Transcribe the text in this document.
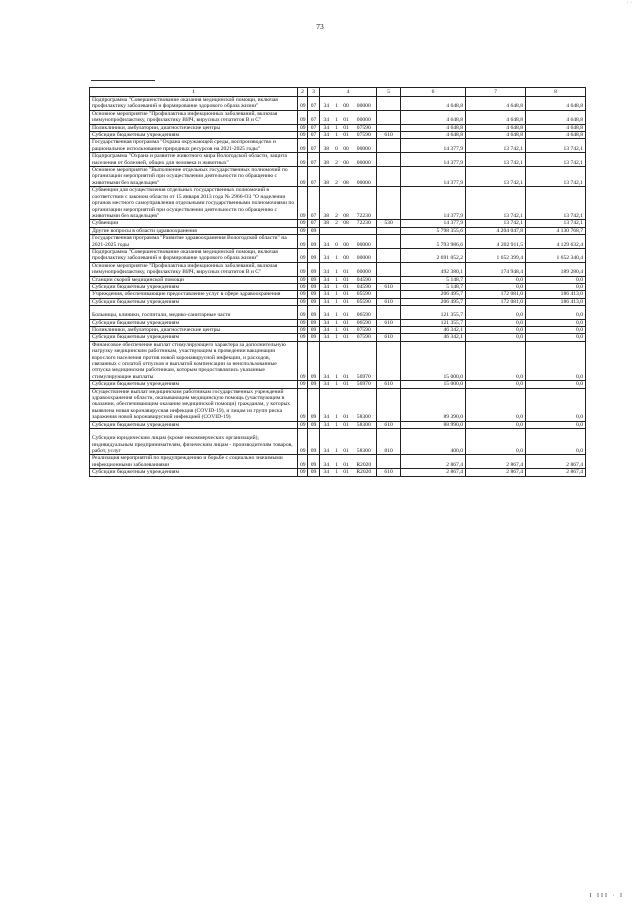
· ·
73
1	2	3	4				5	6	7	8
Подпрограмма "Совершенствование оказания медицинской помощи, включая профилактику заболеваний и формирование здорового образа жизни"	09	07	34	1	00	00000		4 648,8	4 648,8	4 648,8
Основное мероприятие "Профилактика инфекционных заболеваний, включая иммунопрофилактику, профилактику ВИЧ, вирусных гепатитов В и С"	09	07	34	1	01	00000		4 648,8	4 648,8	4 648,8
Поликлиники, амбулатории, диагностические центры	09	07	34	1	01	07590		4 648,8	4 648,8	4 648,8
Субсидии бюджетным учреждениям	09	07	34	1	01	07590	610	4 648,8	4 648,8	4 648,8
Государственная программа "Охрана окружающей среды, воспроизводство и рациональное использование природных ресурсов на 2021-2025 годы"	09	07	38	0	00	00000		14 377,9	13 742,1	13 742,1
Подпрограмма "Охрана и развитие животного мира Вологодской области, защита населения от болезней, общих для человека и животных"	09	07	38	2	00	00000		14 377,9	13 742,1	13 742,1
Основное мероприятие "Выполнение отдельных государственных полномочий по организации мероприятий при осуществлении деятельности по обращению с животными без владельцев"	09	07	38	2	08	00000		14 377,9	13 742,1	13 742,1
Субвенции для осуществления отдельных государственных полномочий в соответствии с законом области от 15 января 2013 года № 2966-ОЗ "О наделении органов местного самоуправления отдельными государственными полномочиями по организации мероприятий при осуществлении деятельности по обращению с животными без владельцев"	09	07	38	2	08	72230		14 377,9	13 742,1	13 742,1
Субвенции	09	07	38	2	08	72230	530	14 377,9	13 742,1	13 742,1
Другие вопросы в области здравоохранения	09	09						5 798 355,6	4 204 047,8	4 130 768,7
Государственная программа "Развитие здравоохранения Вологодской области" на 2021-2025 годы	09	09	34	0	00	00000		5 793 986,6	4 202 911,5	4 129 632,4
Подпрограмма "Совершенствование оказания медицинской помощи, включая профилактику заболеваний и формирование здорового образа жизни"	09	09	34	1	00	00000		2 691 052,2	1 652 399,4	1 652 340,4
Основное мероприятие "Профилактика инфекционных заболеваний, включая иммунопрофилактику, профилактику ВИЧ, вирусных гепатитов В и С"	09	09	34	1	01	00000		492 380,1	174 948,4	189 280,4
Станции скорой медицинской помощи	09	09	34	1	01	04590		5 148,7	0,0	0,0
Субсидии бюджетным учреждениям	09	09	34	1	01	04590	610	5 148,7	0,0	0,0
Учреждения, обеспечивающие предоставление услуг в сфере здравоохранения	09	09	34	1	01	05590		206 495,7	172 081,0	186 413,0
Субсидии бюджетным учреждениям	09	09	34	1	01	05590	610	206 495,7	172 081,0	186 413,0
Больницы, клиники, госпитали, медико-санитарные части	09	09	34	1	01	06590		121 355,7	0,0	0,0
Субсидии бюджетным учреждениям	09	09	34	1	01	06590	610	121 355,7	0,0	0,0
Поликлиники, амбулатории, диагностические центры	09	09	34	1	01	07590		46 342,1	0,0	0,0
Субсидии бюджетным учреждениям	09	09	34	1	01	07590	610	46 342,1	0,0	0,0
Финансовое обеспечение выплат стимулирующего характера за дополнительную нагрузку медицинским работникам, участвующим в проведении вакцинации взрослого населения против новой коронавирусной инфекции, и расходов, связанных с оплатой отпусков и выплатой компенсации за неиспользованные отпуска медицинским работникам, которым предоставлялись указанные стимулирующие выплаты	09	09	34	1	01	56970		15 000,0	0,0	0,0
Субсидии бюджетным учреждениям	09	09	34	1	01	56970	610	15 000,0	0,0	0,0
Осуществление выплат медицинским работникам государственных учреждений здравоохранения области, оказывающим медицинскую помощь (участвующим в оказании, обеспечивающим оказание медицинской помощи) гражданам, у которых выявлена новая коронавирусная инфекция (COVID-19), и лицам из групп риска заражения новой коронавирусной инфекцией (COVID-19)	09	09	34	1	01	58300		89 390,0	0,0	0,0
Субсидии бюджетным учреждениям	09	09	34	1	01	58300	610	88 990,0	0,0	0,0
Субсидии юридическим лицам (кроме некоммерческих организаций), индивидуальным предпринимателям, физическим лицам - производителям товаров, работ, услуг	09	09	34	1	01	58300	810	400,0	0,0	0,0
Реализация мероприятий по предупреждению и борьбе с социально значимыми инфекционными заболеваниями	09	09	34	1	01	R2020		2 867,4	2 867,4	2 867,4
Субсидии бюджетным учреждениям	09	09	34	1	01	R2020	610	2 867,4	2 867,4	2 867,4
I III · I
